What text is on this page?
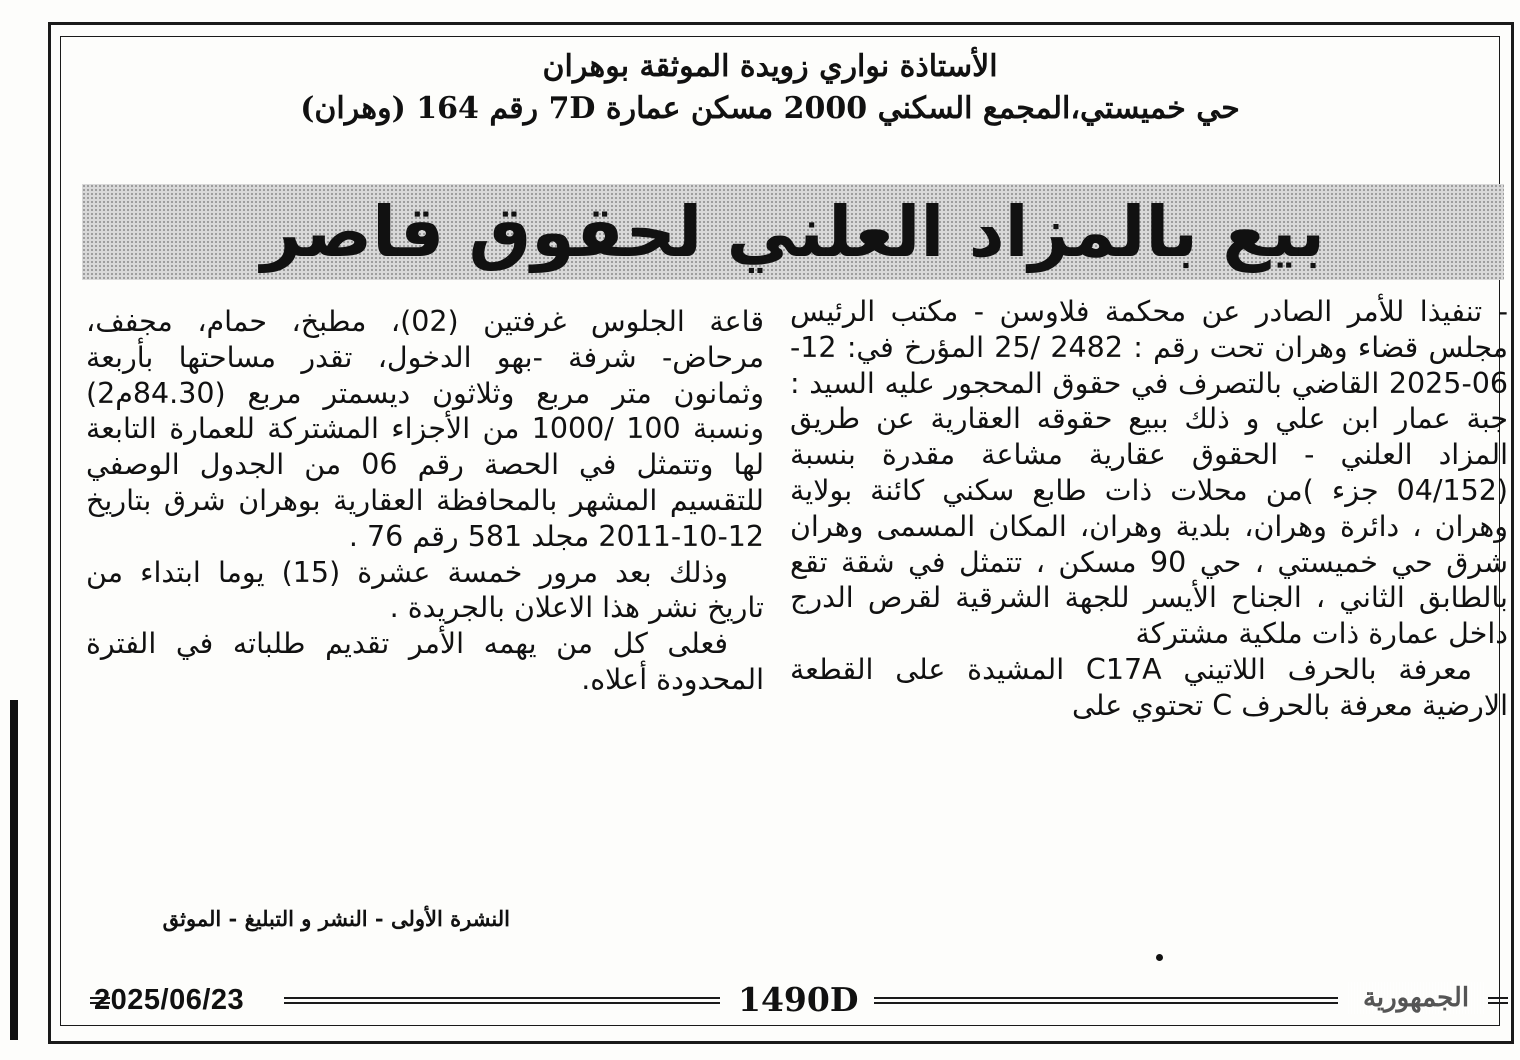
الأستاذة نواري زويدة الموثقة بوهران
حي خميستي،المجمع السكني 2000 مسكن عمارة 7D رقم 164 (وهران)
بيع بالمزاد العلني لحقوق قاصر

- تنفيذا للأمر الصادر عن محكمة فلاوسن - مكتب الرئيس مجلس قضاء وهران تحت رقم : 2482 /25 المؤرخ في: 12-06-2025 القاضي بالتصرف في حقوق المحجور عليه السيد : جبة عمار ابن علي و ذلك ببيع حقوقه العقارية عن طريق المزاد العلني - الحقوق عقارية مشاعة مقدرة بنسبة (04/152 جزء )من محلات ذات طابع سكني كائنة بولاية وهران ، دائرة وهران، بلدية وهران، المكان المسمى وهران شرق حي خميستي ، حي 90 مسكن ، تتمثل في شقة تقع بالطابق الثاني ، الجناح الأيسر للجهة الشرقية لقرص الدرج داخل عمارة ذات ملكية مشتركة

معرفة بالحرف اللاتيني C17A المشيدة على القطعة الارضية معرفة بالحرف C تحتوي على

قاعة الجلوس غرفتين (02)، مطبخ، حمام، مجفف، مرحاض- شرفة -بهو الدخول، تقدر مساحتها بأربعة وثمانون متر مربع وثلاثون ديسمتر مربع (84.30م2) ونسبة 100 /1000 من الأجزاء المشتركة للعمارة التابعة لها وتتمثل في الحصة رقم 06 من الجدول الوصفي للتقسيم المشهر بالمحافظة العقارية بوهران شرق بتاريخ 12-10-2011 مجلد 581 رقم 76 .

وذلك بعد مرور خمسة عشرة (15) يوما ابتداء من تاريخ نشر هذا الاعلان بالجريدة .

فعلى كل من يهمه الأمر تقديم طلباته في الفترة المحدودة أعلاه.

النشرة الأولى - النشر و التبليغ - الموثق
2025/06/23	1490D	الجمهورية
